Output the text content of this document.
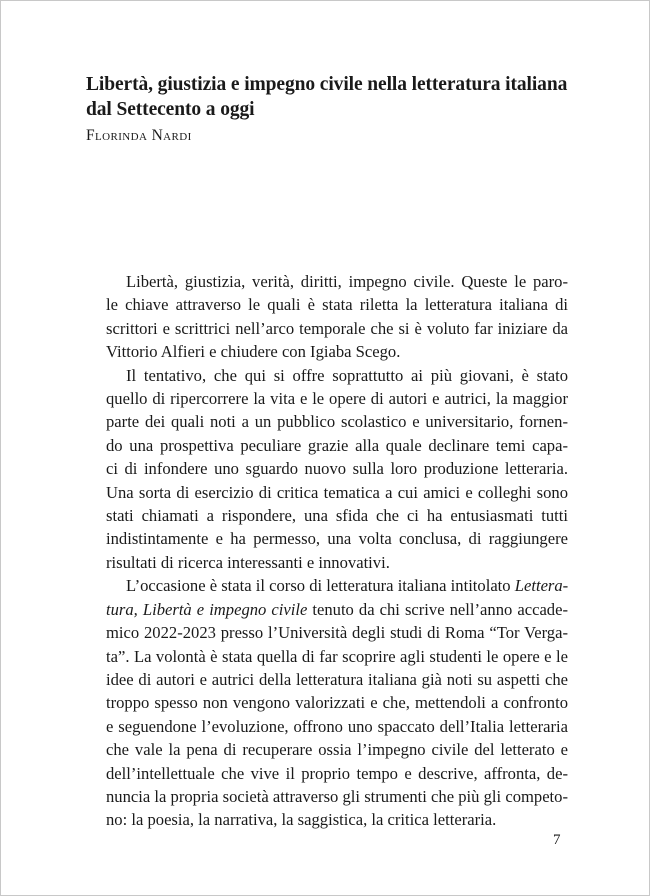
Libertà, giustizia e impegno civile nella letteratura italiana
dal Settecento a oggi
Florinda Nardi

Libertà, giustizia, verità, diritti, impegno civile. Queste le paro-
le chiave attraverso le quali è stata riletta la letteratura italiana di
scrittori e scrittrici nell’arco temporale che si è voluto far iniziare da
Vittorio Alfieri e chiudere con Igiaba Scego.

Il tentativo, che qui si offre soprattutto ai più giovani, è stato
quello di ripercorrere la vita e le opere di autori e autrici, la maggior
parte dei quali noti a un pubblico scolastico e universitario, fornen-
do una prospettiva peculiare grazie alla quale declinare temi capa-
ci di infondere uno sguardo nuovo sulla loro produzione letteraria.
Una sorta di esercizio di critica tematica a cui amici e colleghi sono
stati chiamati a rispondere, una sfida che ci ha entusiasmati tutti
indistintamente e ha permesso, una volta conclusa, di raggiungere
risultati di ricerca interessanti e innovativi.

L’occasione è stata il corso di letteratura italiana intitolato Lettera-
tura, Libertà e impegno civile tenuto da chi scrive nell’anno accade-
mico 2022-2023 presso l’Università degli studi di Roma “Tor Verga-
ta”. La volontà è stata quella di far scoprire agli studenti le opere e le
idee di autori e autrici della letteratura italiana già noti su aspetti che
troppo spesso non vengono valorizzati e che, mettendoli a confronto
e seguendone l’evoluzione, offrono uno spaccato dell’Italia letteraria
che vale la pena di recuperare ossia l’impegno civile del letterato e
dell’intellettuale che vive il proprio tempo e descrive, affronta, de-
nuncia la propria società attraverso gli strumenti che più gli competo-
no: la poesia, la narrativa, la saggistica, la critica letteraria.

7
